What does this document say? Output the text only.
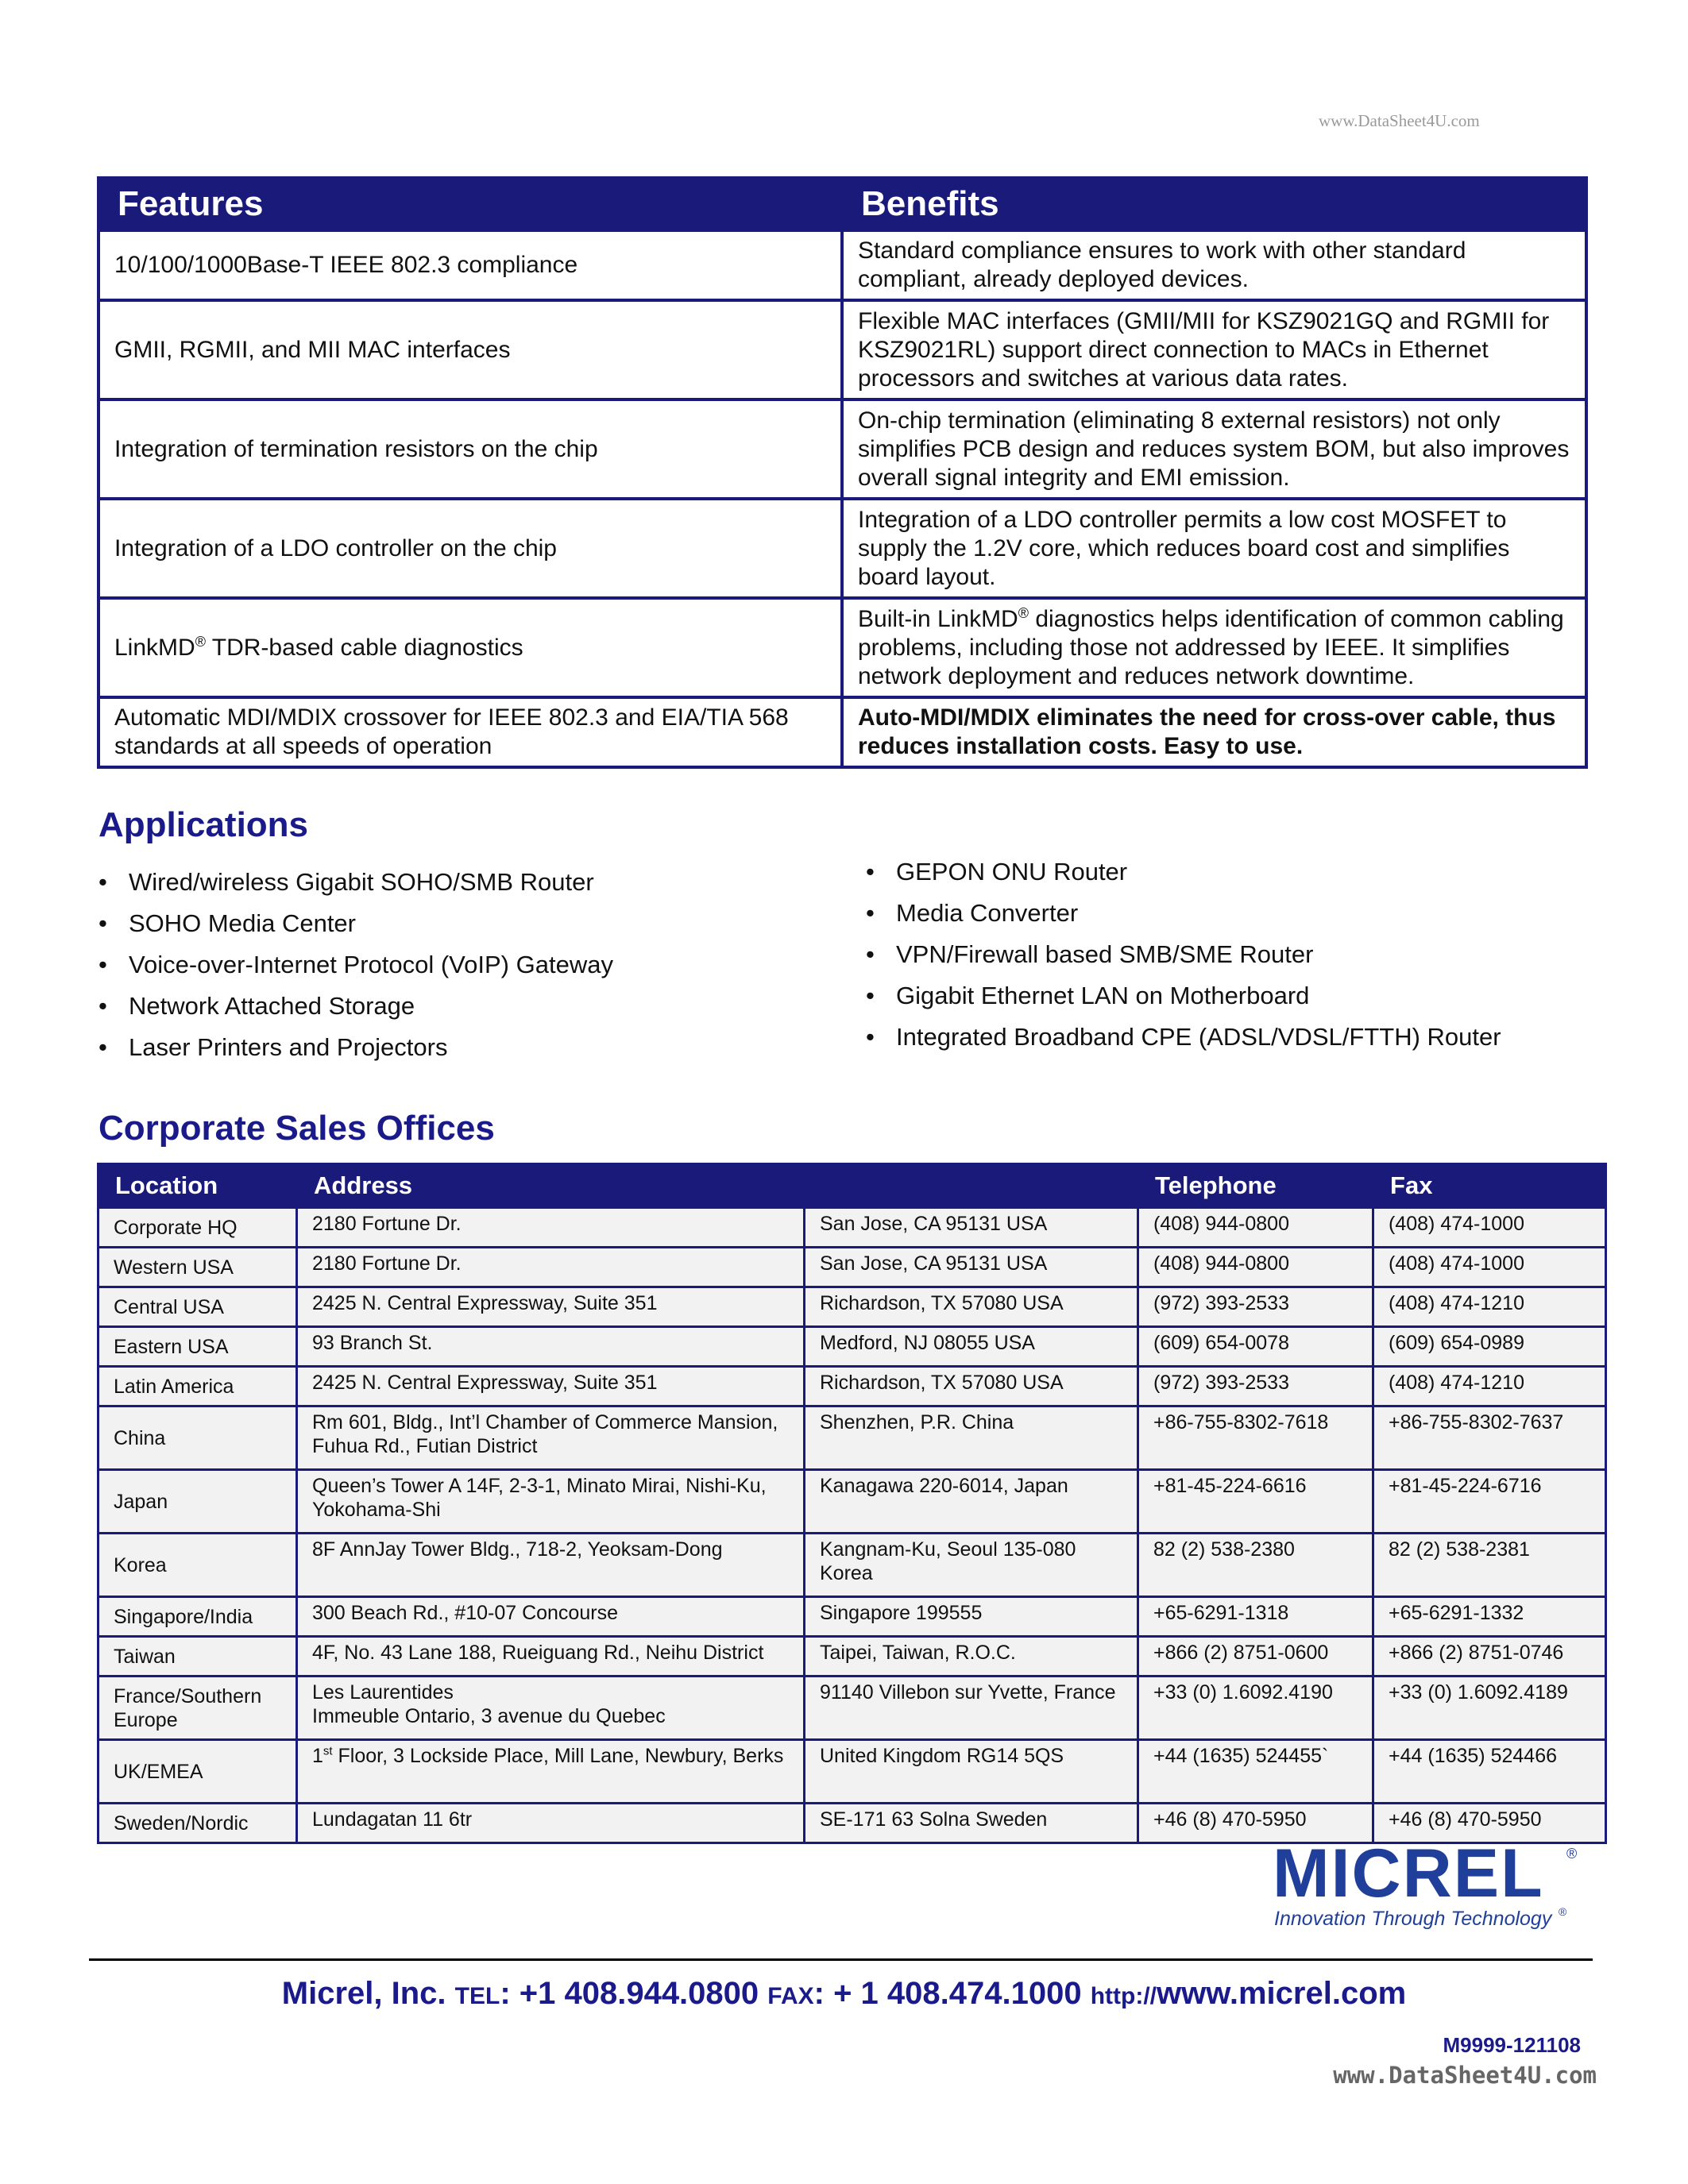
www.DataSheet4U.com
Features	Benefits
10/100/1000Base-T IEEE 802.3 compliance	Standard compliance ensures to work with other standard compliant, already deployed devices.
GMII, RGMII, and MII MAC interfaces	Flexible MAC interfaces (GMII/MII for KSZ9021GQ and RGMII for KSZ9021RL) support direct connection to MACs in Ethernet processors and switches at various data rates.
Integration of termination resistors on the chip	On-chip termination (eliminating 8 external resistors) not only simplifies PCB design and reduces system BOM, but also improves overall signal integrity and EMI emission.
Integration of a LDO controller on the chip	Integration of a LDO controller permits a low cost MOSFET to supply the 1.2V core, which reduces board cost and simplifies board layout.
LinkMD® TDR-based cable diagnostics	Built-in LinkMD® diagnostics helps identification of common cabling problems, including those not addressed by IEEE. It simplifies network deployment and reduces network downtime.
Automatic MDI/MDIX crossover for IEEE 802.3 and EIA/TIA 568 standards at all speeds of operation	Auto-MDI/MDIX eliminates the need for cross-over cable, thus reduces installation costs. Easy to use.
Applications
• Wired/wireless Gigabit SOHO/SMB Router
• SOHO Media Center
• Voice-over-Internet Protocol (VoIP) Gateway
• Network Attached Storage
• Laser Printers and Projectors
• GEPON ONU Router
• Media Converter
• VPN/Firewall based SMB/SME Router
• Gigabit Ethernet LAN on Motherboard
• Integrated Broadband CPE (ADSL/VDSL/FTTH) Router
Corporate Sales Offices
Location	Address		Telephone	Fax
Corporate HQ	2180 Fortune Dr.	San Jose, CA 95131 USA	(408) 944-0800	(408) 474-1000
Western USA	2180 Fortune Dr.	San Jose, CA 95131 USA	(408) 944-0800	(408) 474-1000
Central USA	2425 N. Central Expressway, Suite 351	Richardson, TX 57080 USA	(972) 393-2533	(408) 474-1210
Eastern USA	93 Branch St.	Medford, NJ 08055 USA	(609) 654-0078	(609) 654-0989
Latin America	2425 N. Central Expressway, Suite 351	Richardson, TX 57080 USA	(972) 393-2533	(408) 474-1210
China	Rm 601, Bldg., Int’l Chamber of Commerce Mansion, Fuhua Rd., Futian District	Shenzhen, P.R. China	+86-755-8302-7618	+86-755-8302-7637
Japan	Queen’s Tower A 14F, 2-3-1, Minato Mirai, Nishi-Ku, Yokohama-Shi	Kanagawa 220-6014, Japan	+81-45-224-6616	+81-45-224-6716
Korea	8F AnnJay Tower Bldg., 718-2, Yeoksam-Dong	Kangnam-Ku, Seoul 135-080 Korea	82 (2) 538-2380	82 (2) 538-2381
Singapore/India	300 Beach Rd., #10-07 Concourse	Singapore 199555	+65-6291-1318	+65-6291-1332
Taiwan	4F, No. 43 Lane 188, Rueiguang Rd., Neihu District	Taipei, Taiwan, R.O.C.	+866 (2) 8751-0600	+866 (2) 8751-0746
France/Southern Europe	Les Laurentides
Immeuble Ontario, 3 avenue du Quebec	91140 Villebon sur Yvette, France	+33 (0) 1.6092.4190	+33 (0) 1.6092.4189
UK/EMEA	1st Floor, 3 Lockside Place, Mill Lane, Newbury, Berks	United Kingdom RG14 5QS	+44 (1635) 524455`	+44 (1635) 524466
Sweden/Nordic	Lundagatan 11 6tr	SE-171 63 Solna Sweden	+46 (8) 470-5950	+46 (8) 470-5950
MICREL ®
Innovation Through Technology ®
Micrel, Inc. TEL: +1 408.944.0800 FAX: + 1 408.474.1000 http://www.micrel.com
M9999-121108
www.DataSheet4U.com
